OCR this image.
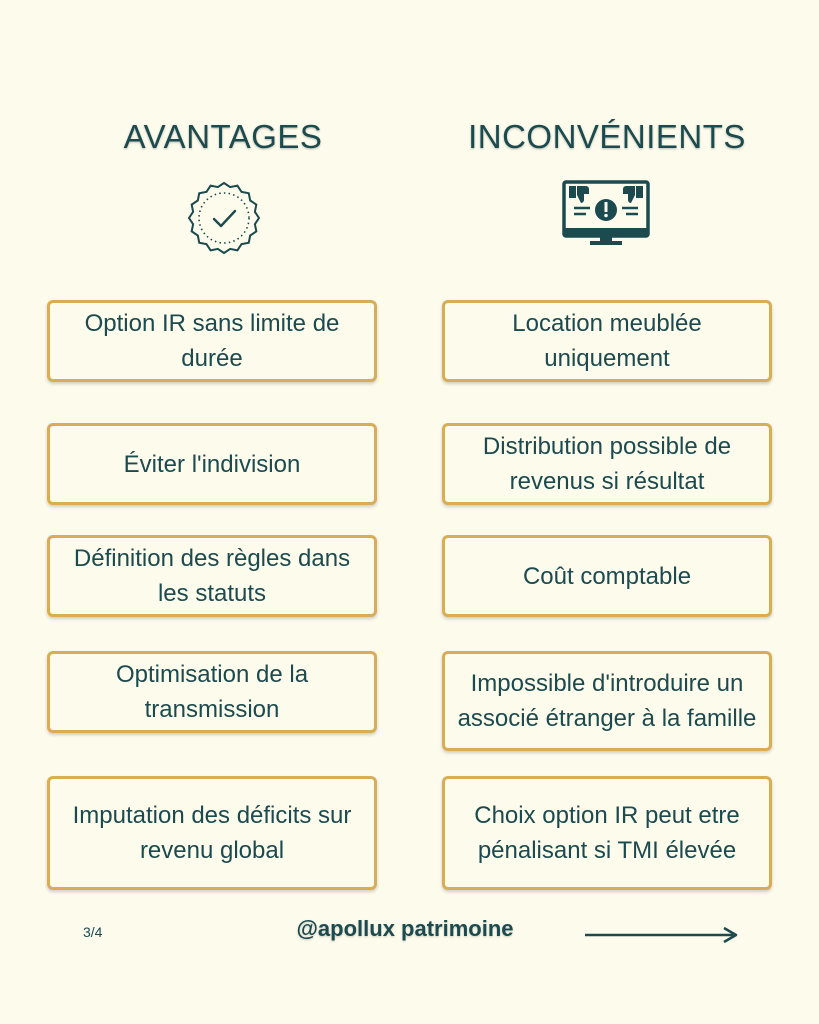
AVANTAGES	INCONVÉNIENTS
Option IR sans limite de durée
Éviter l'indivision
Définition des règles dans les statuts
Optimisation de la transmission
Imputation des déficits sur revenu global
Location meublée uniquement
Distribution possible de revenus si résultat
Coût comptable
Impossible d'introduire un associé étranger à la famille
Choix option IR peut etre pénalisant si TMI élevée
3/4	@apollux patrimoine
